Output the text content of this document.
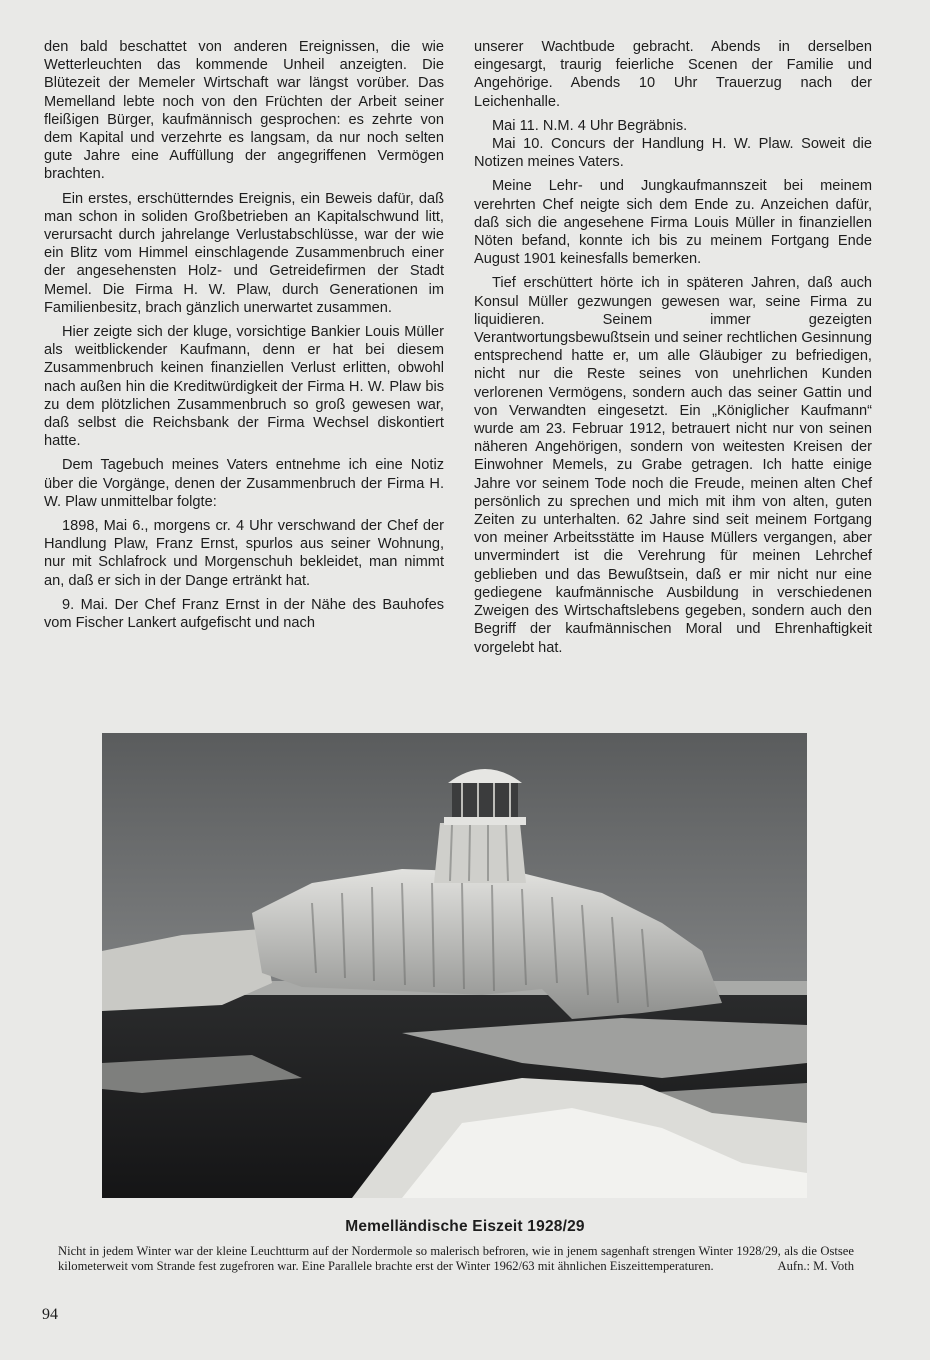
den bald beschattet von anderen Ereignissen, die wie Wetterleuchten das kommende Unheil anzeigten. Die Blütezeit der Memeler Wirtschaft war längst vorüber. Das Memelland lebte noch von den Früchten der Arbeit seiner fleißigen Bürger, kaufmännisch gesprochen: es zehrte von dem Kapital und verzehrte es langsam, da nur noch selten gute Jahre eine Auffüllung der angegriffenen Vermögen brachten.

Ein erstes, erschütterndes Ereignis, ein Beweis dafür, daß man schon in soliden Großbetrieben an Kapitalschwund litt, verursacht durch jahrelange Verlustabschlüsse, war der wie ein Blitz vom Himmel einschlagende Zusammenbruch einer der angesehensten Holz- und Getreidefirmen der Stadt Memel. Die Firma H. W. Plaw, durch Generationen im Familienbesitz, brach gänzlich unerwartet zusammen.

Hier zeigte sich der kluge, vorsichtige Bankier Louis Müller als weitblickender Kaufmann, denn er hat bei diesem Zusammenbruch keinen finanziellen Verlust erlitten, obwohl nach außen hin die Kreditwürdigkeit der Firma H. W. Plaw bis zu dem plötzlichen Zusammenbruch so groß gewesen war, daß selbst die Reichsbank der Firma Wechsel diskontiert hatte.

Dem Tagebuch meines Vaters entnehme ich eine Notiz über die Vorgänge, denen der Zusammenbruch der Firma H. W. Plaw unmittelbar folgte:

1898, Mai 6., morgens cr. 4 Uhr verschwand der Chef der Handlung Plaw, Franz Ernst, spurlos aus seiner Wohnung, nur mit Schlafrock und Morgenschuh bekleidet, man nimmt an, daß er sich in der Dange ertränkt hat.

9. Mai. Der Chef Franz Ernst in der Nähe des Bauhofes vom Fischer Lankert aufgefischt und nach

unserer Wachtbude gebracht. Abends in derselben eingesargt, traurig feierliche Scenen der Familie und Angehörige. Abends 10 Uhr Trauerzug nach der Leichenhalle.

Mai 11. N.M. 4 Uhr Begräbnis.

Mai 10. Concurs der Handlung H. W. Plaw. Soweit die Notizen meines Vaters.

Meine Lehr- und Jungkaufmannszeit bei meinem verehrten Chef neigte sich dem Ende zu. Anzeichen dafür, daß sich die angesehene Firma Louis Müller in finanziellen Nöten befand, konnte ich bis zu meinem Fortgang Ende August 1901 keinesfalls bemerken.

Tief erschüttert hörte ich in späteren Jahren, daß auch Konsul Müller gezwungen gewesen war, seine Firma zu liquidieren. Seinem immer gezeigten Verantwortungsbewußtsein und seiner rechtlichen Gesinnung entsprechend hatte er, um alle Gläubiger zu befriedigen, nicht nur die Reste seines von unehrlichen Kunden verlorenen Vermögens, sondern auch das seiner Gattin und von Verwandten eingesetzt. Ein „Königlicher Kaufmann“ wurde am 23. Februar 1912, betrauert nicht nur von seinen näheren Angehörigen, sondern von weitesten Kreisen der Einwohner Memels, zu Grabe getragen. Ich hatte einige Jahre vor seinem Tode noch die Freude, meinen alten Chef persönlich zu sprechen und mich mit ihm von alten, guten Zeiten zu unterhalten. 62 Jahre sind seit meinem Fortgang von meiner Arbeitsstätte im Hause Müllers vergangen, aber unvermindert ist die Verehrung für meinen Lehrchef geblieben und das Bewußtsein, daß er mir nicht nur eine gediegene kaufmännische Ausbildung in verschiedenen Zweigen des Wirtschaftslebens gegeben, sondern auch den Begriff der kaufmännischen Moral und Ehrenhaftigkeit vorgelebt hat.

Memelländische Eiszeit 1928/29
Nicht in jedem Winter war der kleine Leuchtturm auf der Nordermole so malerisch befroren, wie in jenem sagenhaft strengen Winter 1928/29, als die Ostsee kilometerweit vom Strande fest zugefroren war. Eine Parallele brachte erst der Winter 1962/63 mit ähnlichen Eiszeittemperaturen.	Aufn.: M. Voth
94
